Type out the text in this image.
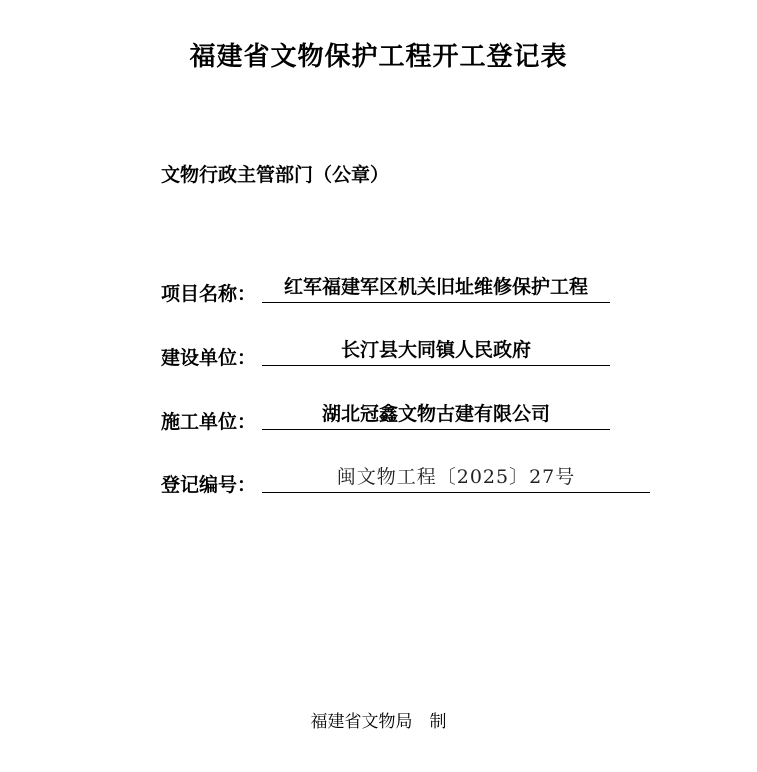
福建省文物保护工程开工登记表
文物行政主管部门（公章）
项目名称：	红军福建军区机关旧址维修保护工程
建设单位：	长汀县大同镇人民政府
施工单位：	湖北冠鑫文物古建有限公司
登记编号：	闽文物工程〔2025〕27号
福建省文物局　制
